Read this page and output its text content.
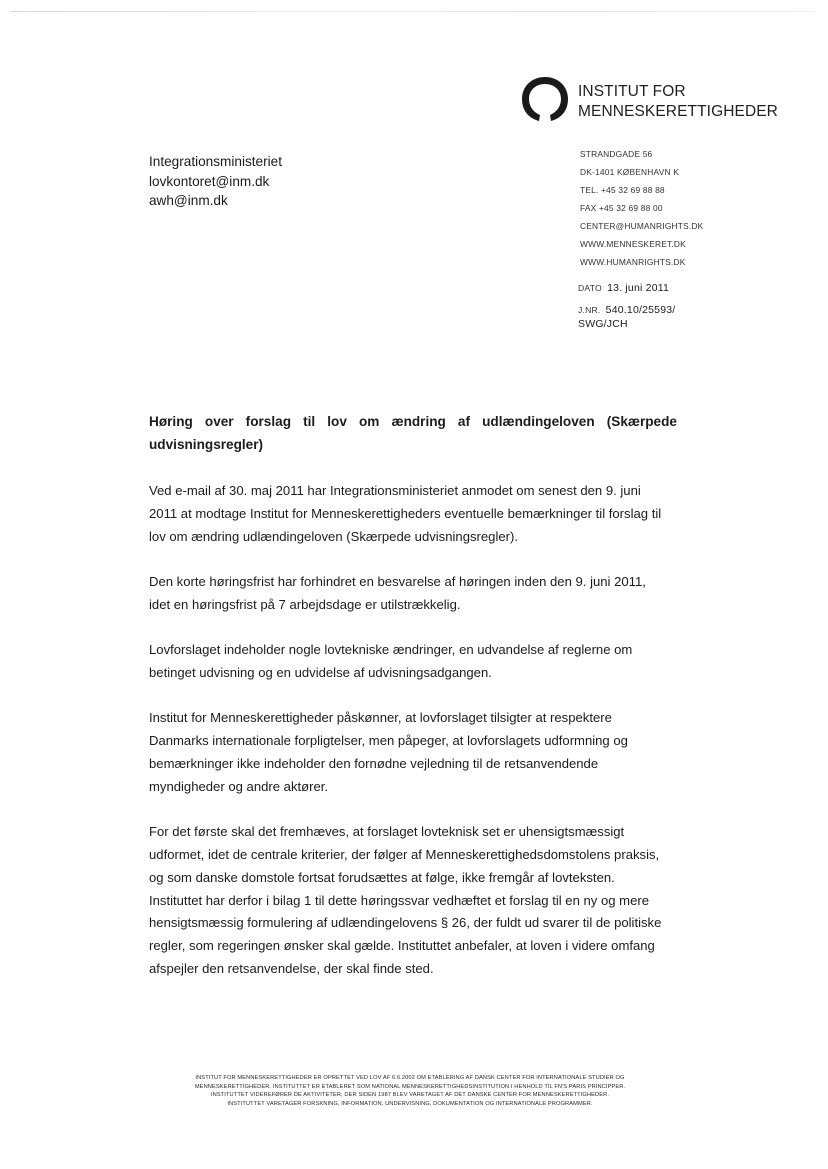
INSTITUT FOR
MENNESKERETTIGHEDER
Integrationsministeriet
lovkontoret@inm.dk
awh@inm.dk
STRANDGADE 56
DK-1401 KØBENHAVN K
TEL. +45 32 69 88 88
FAX +45 32 69 88 00
CENTER@HUMANRIGHTS.DK
WWW.MENNESKERET.DK
WWW.HUMANRIGHTS.DK
DATO 13. juni 2011
J.NR. 540.10/25593/
SWG/JCH
Høring over forslag til lov om ændring af udlændingeloven (Skærpede udvisningsregler)

Ved e-mail af 30. maj 2011 har Integrationsministeriet anmodet om senest den 9. juni 2011 at modtage Institut for Menneskerettigheders eventuelle bemærkninger til forslag til lov om ændring udlændingeloven (Skærpede udvisningsregler).

Den korte høringsfrist har forhindret en besvarelse af høringen inden den 9. juni 2011, idet en høringsfrist på 7 arbejdsdage er utilstrækkelig.

Lovforslaget indeholder nogle lovtekniske ændringer, en udvandelse af reglerne om betinget udvisning og en udvidelse af udvisningsadgangen.

Institut for Menneskerettigheder påskønner, at lovforslaget tilsigter at respektere Danmarks internationale forpligtelser, men påpeger, at lovforslagets udformning og bemærkninger ikke indeholder den fornødne vejledning til de retsanvendende myndigheder og andre aktører.

For det første skal det fremhæves, at forslaget lovteknisk set er uhensigtsmæssigt udformet, idet de centrale kriterier, der følger af Menneskerettighedsdomstolens praksis, og som danske domstole fortsat forudsættes at følge, ikke fremgår af lovteksten. Instituttet har derfor i bilag 1 til dette høringssvar vedhæftet et forslag til en ny og mere hensigtsmæssig formulering af udlændingelovens § 26, der fuldt ud svarer til de politiske regler, som regeringen ønsker skal gælde. Instituttet anbefaler, at loven i videre omfang afspejler den retsanvendelse, der skal finde sted.

INSTITUT FOR MENNESKERETTIGHEDER ER OPRETTET VED LOV AF 6.6.2002 OM ETABLERING AF DANSK CENTER FOR INTERNATIONALE STUDIER OG
MENNESKERETTIGHEDER. INSTITUTTET ER ETABLERET SOM NATIONAL MENNESKERETTIGHEDSINSTITUTION I HENHOLD TIL FN'S PARIS PRINCIPPER.
INSTITUTTET VIDEREFØRER DE AKTIVITETER, DER SIDEN 1987 BLEV VARETAGET AF DET DANSKE CENTER FOR MENNESKERETTIGHEDER.
INSTITUTTET VARETAGER FORSKNING, INFORMATION, UNDERVISNING, DOKUMENTATION OG INTERNATIONALE PROGRAMMER.
